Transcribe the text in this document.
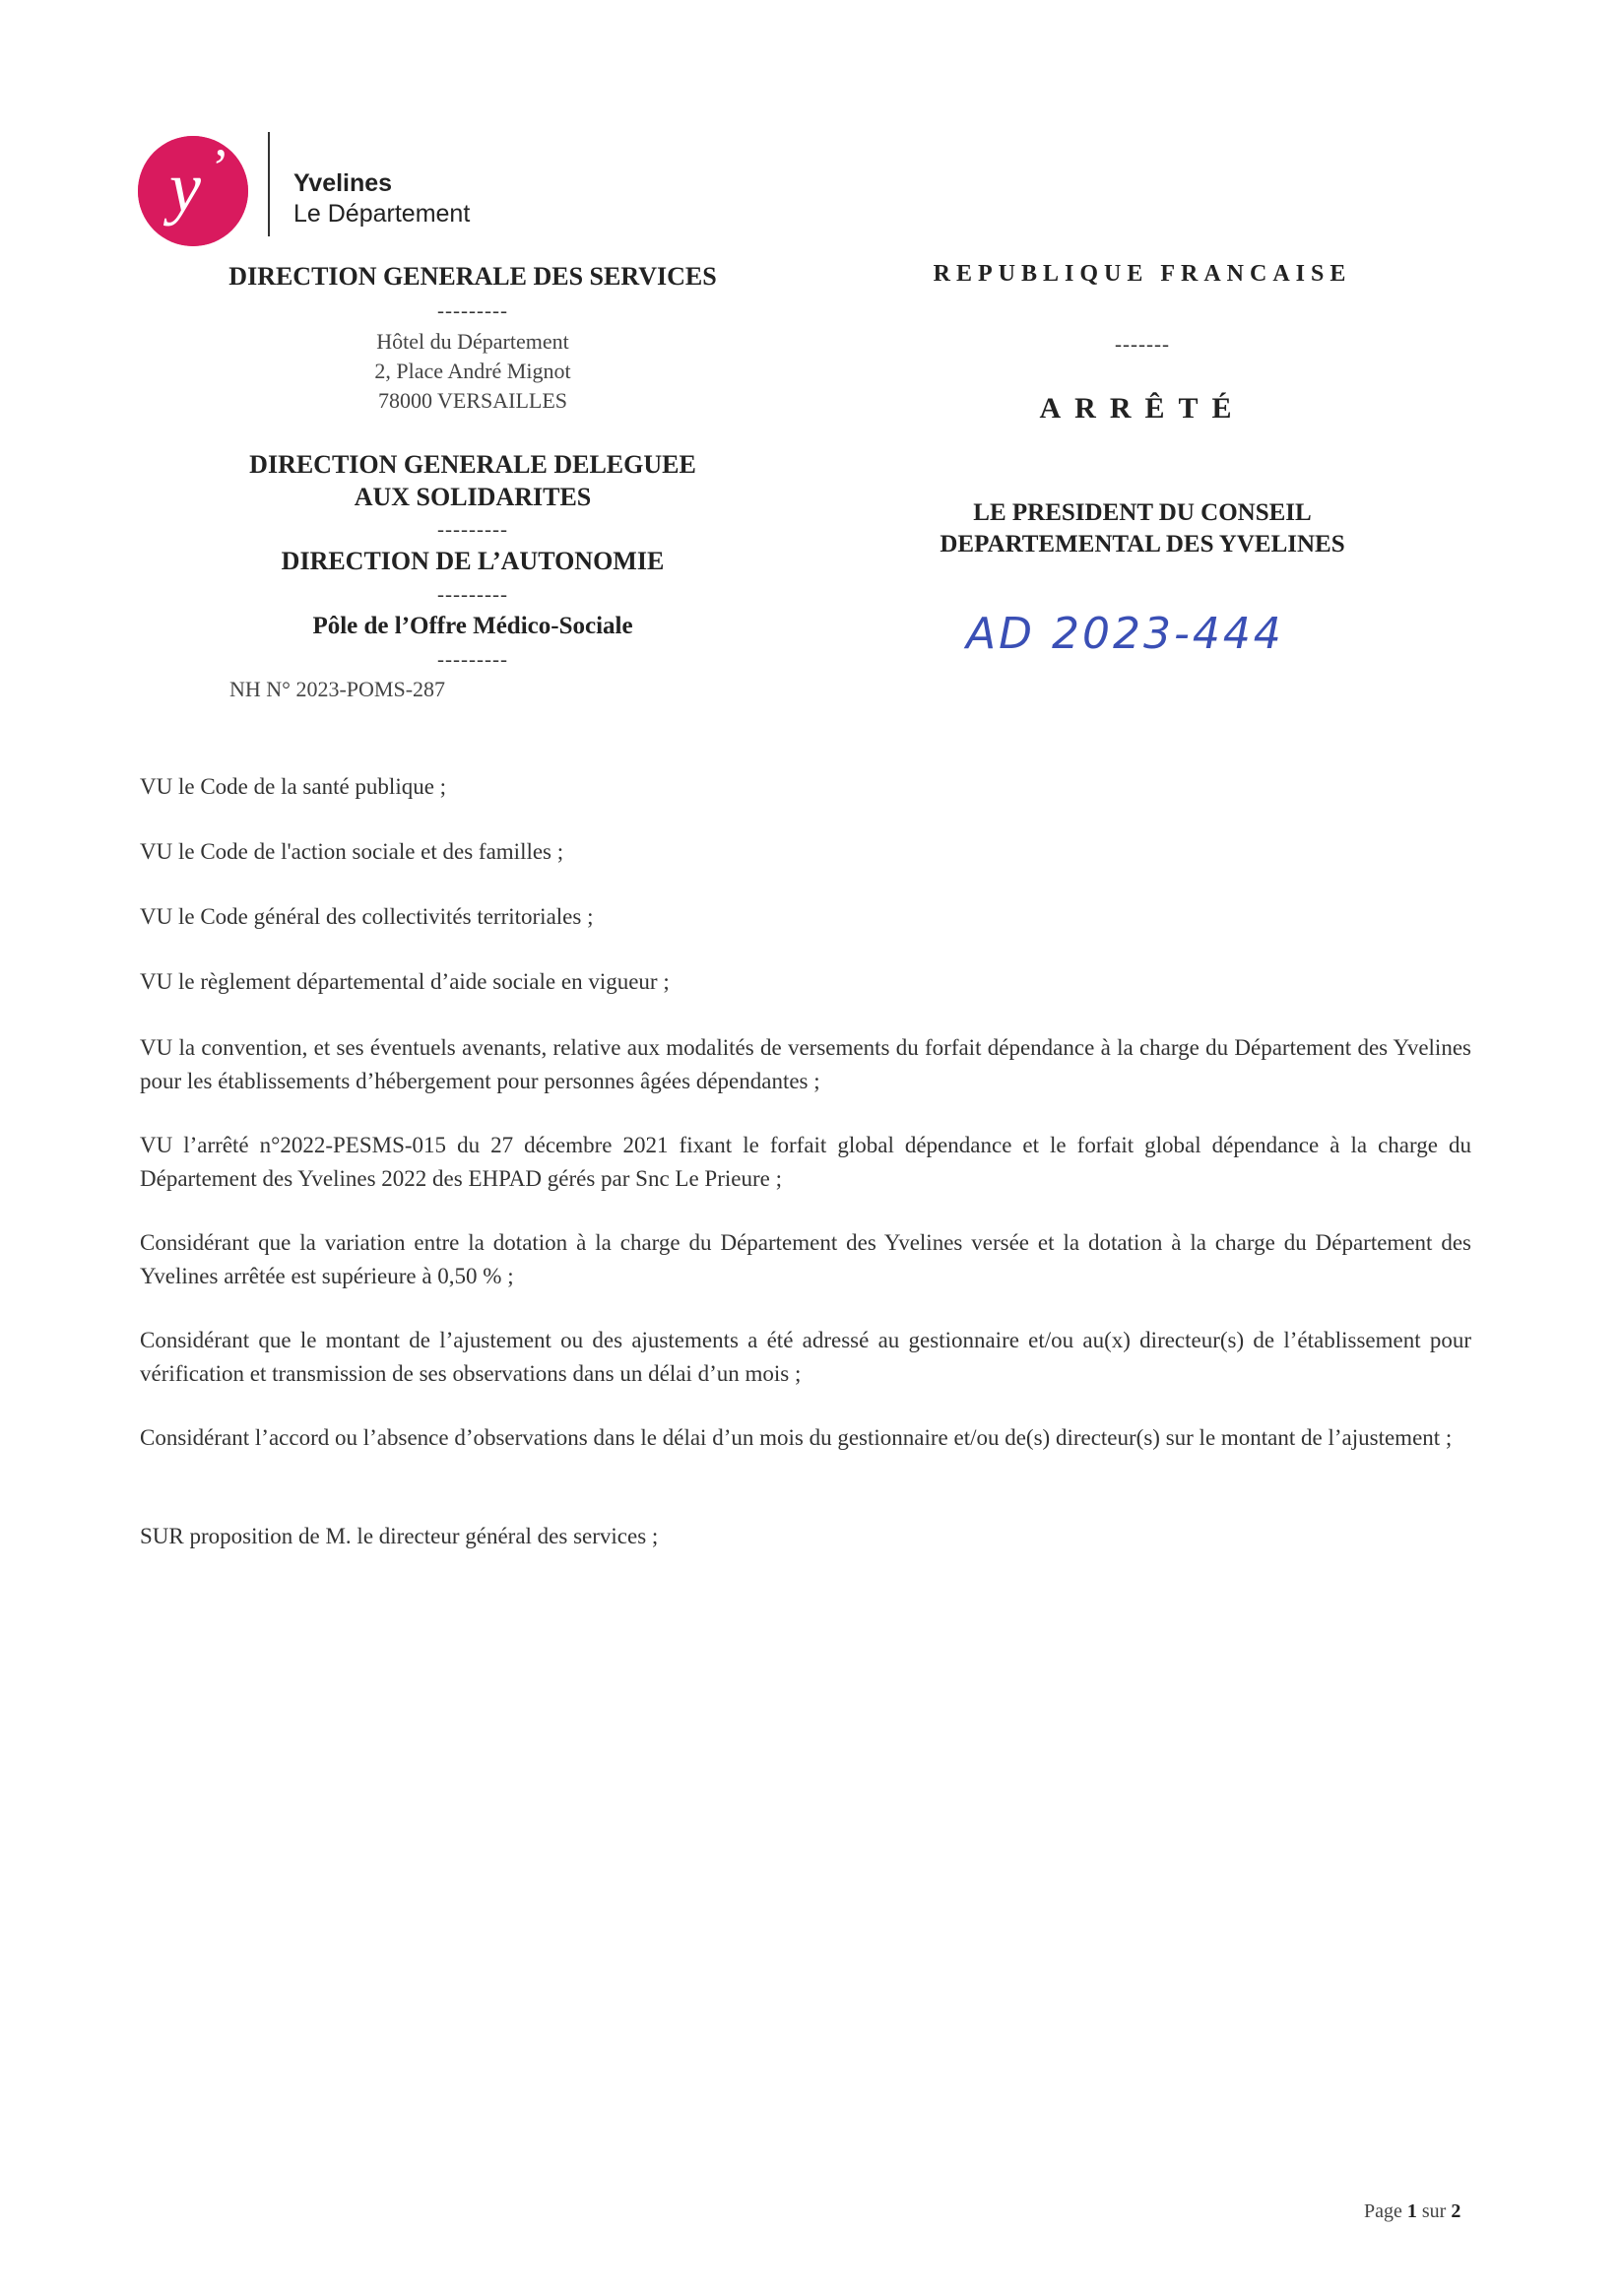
y ’	Yvelines
Le Département
DIRECTION GENERALE DES SERVICES
---------
Hôtel du Département
2, Place André Mignot
78000 VERSAILLES
DIRECTION GENERALE DELEGUEE
AUX SOLIDARITES
---------
DIRECTION DE L’AUTONOMIE
---------
Pôle de l’Offre Médico-Sociale
---------
NH N° 2023-POMS-287
REPUBLIQUE FRANCAISE
-------
ARRÊTÉ
LE PRESIDENT DU CONSEIL
DEPARTEMENTAL DES YVELINES
AD 2023-444
VU le Code de la santé publique ;
VU le Code de l'action sociale et des familles ;
VU le Code général des collectivités territoriales ;
VU le règlement départemental d’aide sociale en vigueur ;
VU la convention, et ses éventuels avenants, relative aux modalités de versements du forfait dépendance à la charge du Département des Yvelines pour les établissements d’hébergement pour personnes âgées dépendantes ;
VU l’arrêté n°2022-PESMS-015 du 27 décembre 2021 fixant le forfait global dépendance et le forfait global dépendance à la charge du Département des Yvelines 2022 des EHPAD gérés par Snc Le Prieure ;
Considérant que la variation entre la dotation à la charge du Département des Yvelines versée et la dotation à la charge du Département des Yvelines arrêtée est supérieure à 0,50 % ;
Considérant que le montant de l’ajustement ou des ajustements a été adressé au gestionnaire et/ou au(x) directeur(s) de l’établissement pour vérification et transmission de ses observations dans un délai d’un mois ;
Considérant l’accord ou l’absence d’observations dans le délai d’un mois du gestionnaire et/ou de(s) directeur(s) sur le montant de l’ajustement ;
SUR proposition de M. le directeur général des services ;
Page 1 sur 2
